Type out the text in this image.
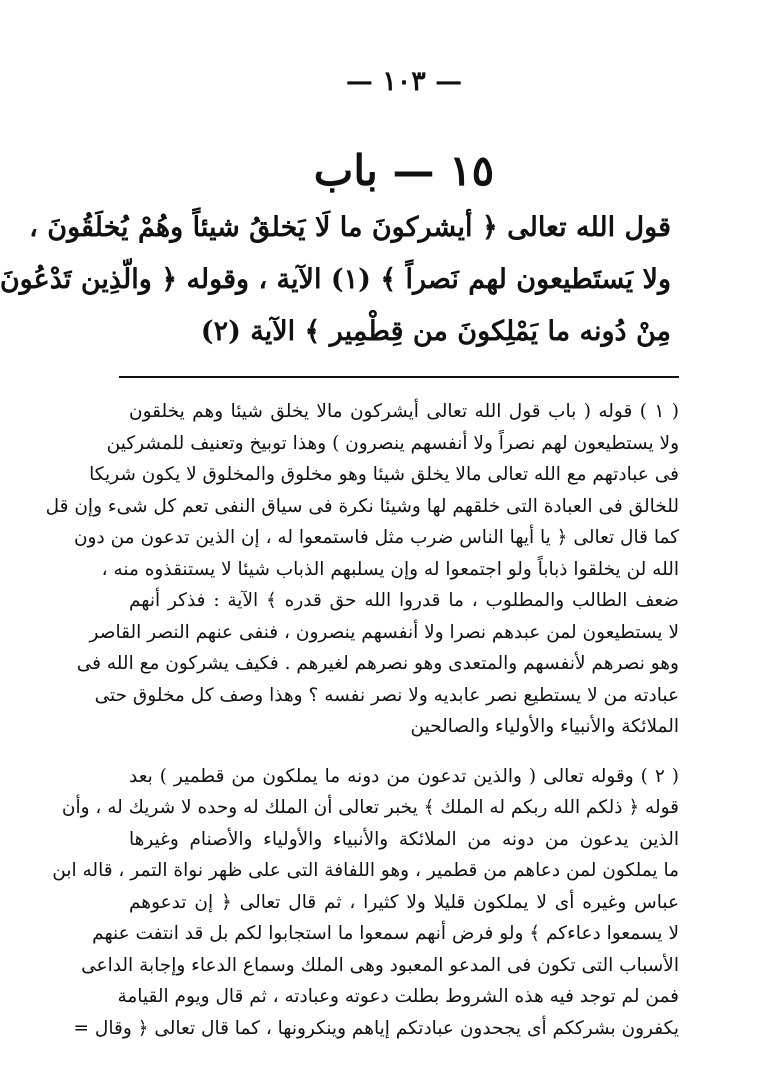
— ١٠٣ —
١٥ — باب
قول الله تعالى ﴿ أيشركونَ ما لَا يَخلقُ شيئاً وهُمْ يُخلَقُونَ ،
ولا يَستَطيعون لهم نَصراً ﴾ (١) الآية ، وقوله ﴿ والّذِين تَدْعُونَ
مِنْ دُونه ما يَمْلِكونَ من قِطْمِير ﴾ الآية (٢)
( ١ ) قوله ( باب قول الله تعالى أيشركون مالا يخلق شيئا وهم يخلقون
ولا يستطيعون لهم نصراً ولا أنفسهم ينصرون ) وهذا توبيخ وتعنيف للمشركين
فى عبادتهم مع الله تعالى مالا يخلق شيئا وهو مخلوق والمخلوق لا يكون شريكا
للخالق فى العبادة التى خلقهم لها وشيئا نكرة فى سياق النفى تعم كل شىء وإن قل
كما قال تعالى ﴿ يا أيها الناس ضرب مثل فاستمعوا له ، إن الذين تدعون من دون
الله لن يخلقوا ذباباً ولو اجتمعوا له وإن يسلبهم الذباب شيئا لا يستنقذوه منه ،
ضعف الطالب والمطلوب ، ما قدروا الله حق قدره ﴾ الآية : فذكر أنهم
لا يستطيعون لمن عبدهم نصرا ولا أنفسهم ينصرون ، فنفى عنهم النصر القاصر
وهو نصرهم لأنفسهم والمتعدى وهو نصرهم لغيرهم . فكيف يشركون مع الله فى
عبادته من لا يستطيع نصر عابديه ولا نصر نفسه ؟ وهذا وصف كل مخلوق حتى
الملائكة والأنبياء والأولياء والصالحين
( ٢ ) وقوله تعالى ( والذين تدعون من دونه ما يملكون من قطمير ) بعد
قوله ﴿ ذلكم الله ربكم له الملك ﴾ يخبر تعالى أن الملك له وحده لا شريك له ، وأن
الذين يدعون من دونه من الملائكة والأنبياء والأولياء والأصنام وغيرها
ما يملكون لمن دعاهم من قطمير ، وهو اللفافة التى على ظهر نواة التمر ، قاله ابن
عباس وغيره أى لا يملكون قليلا ولا كثيرا ، ثم قال تعالى ﴿ إن تدعوهم
لا يسمعوا دعاءكم ﴾ ولو فرض أنهم سمعوا ما استجابوا لكم بل قد انتفت عنهم
الأسباب التى تكون فى المدعو المعبود وهى الملك وسماع الدعاء وإجابة الداعى
فمن لم توجد فيه هذه الشروط بطلت دعوته وعبادته ، ثم قال ويوم القيامة
يكفرون بشرككم أى يجحدون عبادتكم إياهم وينكرونها ، كما قال تعالى ﴿ وقال =
